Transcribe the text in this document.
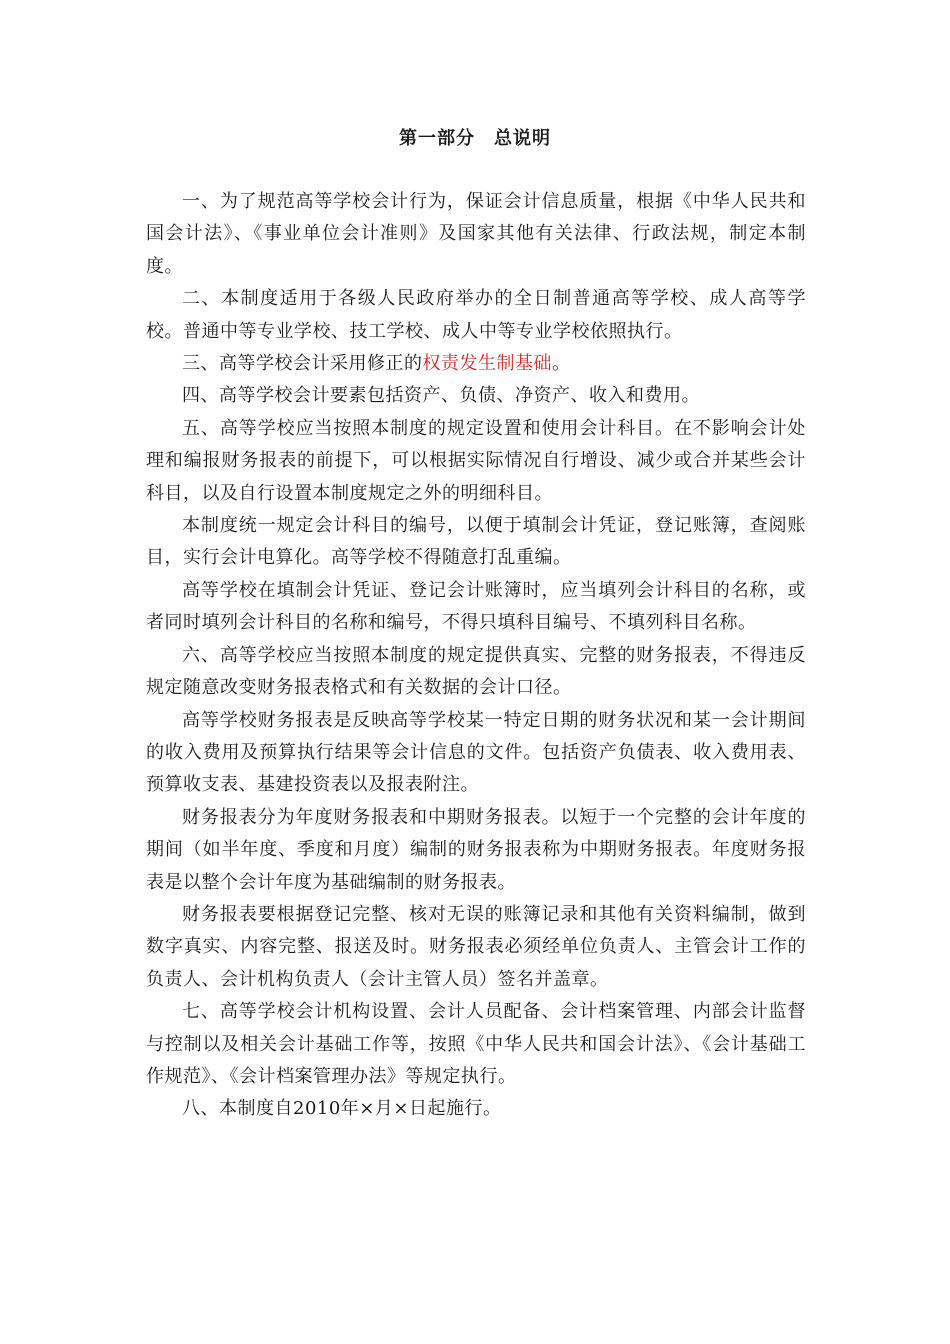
第一部分　总说明

一、为了规范高等学校会计行为，保证会计信息质量，根据《中华人民共和国会计法》、《事业单位会计准则》及国家其他有关法律、行政法规，制定本制度。

二、本制度适用于各级人民政府举办的全日制普通高等学校、成人高等学校。普通中等专业学校、技工学校、成人中等专业学校依照执行。

三、高等学校会计采用修正的权责发生制基础。

四、高等学校会计要素包括资产、负债、净资产、收入和费用。

五、高等学校应当按照本制度的规定设置和使用会计科目。在不影响会计处理和编报财务报表的前提下，可以根据实际情况自行增设、减少或合并某些会计科目，以及自行设置本制度规定之外的明细科目。

本制度统一规定会计科目的编号，以便于填制会计凭证，登记账簿，查阅账目，实行会计电算化。高等学校不得随意打乱重编。

高等学校在填制会计凭证、登记会计账簿时，应当填列会计科目的名称，或者同时填列会计科目的名称和编号，不得只填科目编号、不填列科目名称。

六、高等学校应当按照本制度的规定提供真实、完整的财务报表，不得违反规定随意改变财务报表格式和有关数据的会计口径。

高等学校财务报表是反映高等学校某一特定日期的财务状况和某一会计期间的收入费用及预算执行结果等会计信息的文件。包括资产负债表、收入费用表、预算收支表、基建投资表以及报表附注。

财务报表分为年度财务报表和中期财务报表。以短于一个完整的会计年度的期间（如半年度、季度和月度）编制的财务报表称为中期财务报表。年度财务报表是以整个会计年度为基础编制的财务报表。

财务报表要根据登记完整、核对无误的账簿记录和其他有关资料编制，做到数字真实、内容完整、报送及时。财务报表必须经单位负责人、主管会计工作的负责人、会计机构负责人（会计主管人员）签名并盖章。

七、高等学校会计机构设置、会计人员配备、会计档案管理、内部会计监督与控制以及相关会计基础工作等，按照《中华人民共和国会计法》、《会计基础工作规范》、《会计档案管理办法》等规定执行。

八、本制度自2010年×月×日起施行。
